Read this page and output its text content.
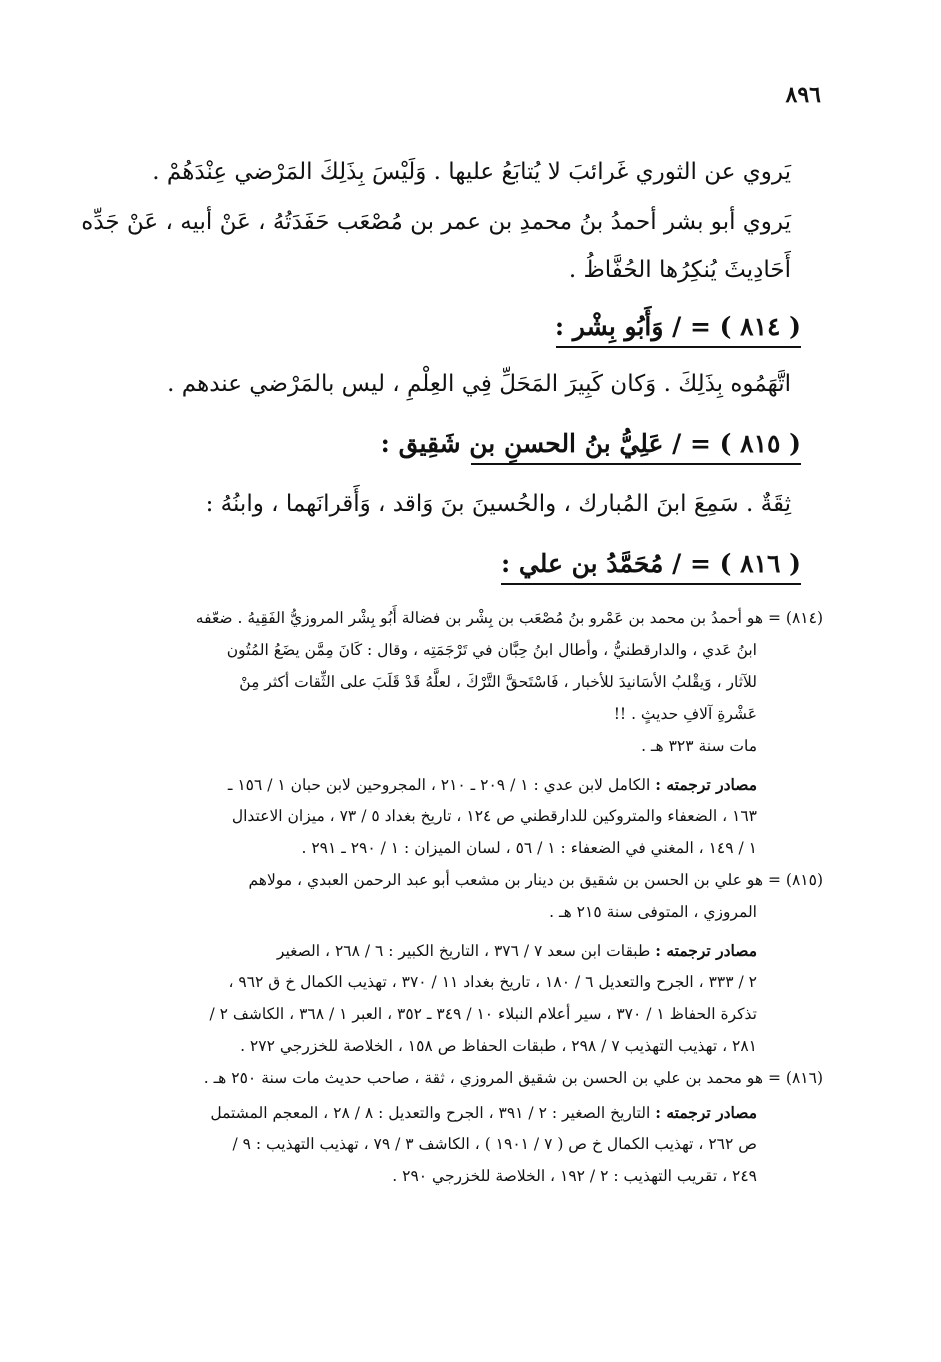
٨٩٦
يَروي عن الثوري غَرائبَ لا يُتابَعُ عليها . وَلَيْسَ بِذَلِكَ المَرْضي عِنْدَهُمْ .
يَروي أبو بشر أحمدُ بنُ محمدِ بن عمر بن مُصْعَب حَفَدَتُهُ ، عَنْ أبيه ، عَنْ جَدِّه
أَحَادِيثَ يُنكِرُها الحُفَّاظُ .
( ٨١٤ ) = / وَأَبُو بِشْر :
اتَّهَمُوه بِذَلِكَ . وَكان كَبِيرَ المَحَلِّ فِي العِلْمِ ، ليس بالمَرْضي عندهم .
( ٨١٥ ) = / عَلِيُّ بنُ الحسنِ بن شَقِيق :
ثِقَةٌ . سَمِعَ ابنَ المُبارك ، والحُسينَ بنَ وَاقد ، وَأَقرانَهما ، وابنُهُ :
( ٨١٦ ) = / مُحَمَّدُ بن علي :
(٨١٤) = هو أحمدُ بن محمد بن عَمْرو بنُ مُصْعَب بن بِشْر بن فضالة أَبُو بِشْر المروزيُّ الفَقِيهُ . ضعّفه
ابنُ عَدي ، والدارقطنيُّ ، وأطال ابنُ حِبَّان في تَرْجَمَتِه ، وقال : كَانَ مِمَّن يضَعُ المُتُون
للآثار ، وَيقْلبُ الأسَانيدَ للأخبار ، فَاسْتَحقَّ التَّرْكَ ، لعلَّهُ قَدْ قَلَبَ على الثِّقات أكثر مِنْ
عَشْرةِ آلافِ حديثٍ . !!
مات سنة ٣٢٣ هـ .
مصادر ترجمته : الكامل لابن عدي : ١ / ٢٠٩ ـ ٢١٠ ، المجروحين لابن حبان ١ / ١٥٦ ـ
١٦٣ ، الضعفاء والمتروكين للدارقطني ص ١٢٤ ، تاريخ بغداد ٥ / ٧٣ ، ميزان الاعتدال
١ / ١٤٩ ، المغني في الضعفاء : ١ / ٥٦ ، لسان الميزان : ١ / ٢٩٠ ـ ٢٩١ .
(٨١٥) = هو علي بن الحسن بن شقيق بن دينار بن مشعب أبو عبد الرحمن العبدي ، مولاهم
المروزي ، المتوفى سنة ٢١٥ هـ .
مصادر ترجمته : طبقات ابن سعد ٧ / ٣٧٦ ، التاريخ الكبير : ٦ / ٢٦٨ ، الصغير
٢ / ٣٣٣ ، الجرح والتعديل ٦ / ١٨٠ ، تاريخ بغداد ١١ / ٣٧٠ ، تهذيب الكمال خ ق ٩٦٢ ،
تذكرة الحفاظ ١ / ٣٧٠ ، سير أعلام النبلاء ١٠ / ٣٤٩ ـ ٣٥٢ ، العبر ١ / ٣٦٨ ، الكاشف ٢ /
٢٨١ ، تهذيب التهذيب ٧ / ٢٩٨ ، طبقات الحفاظ ص ١٥٨ ، الخلاصة للخزرجي ٢٧٢ .
(٨١٦) = هو محمد بن علي بن الحسن بن شقيق المروزي ، ثقة ، صاحب حديث مات سنة ٢٥٠ هـ .
مصادر ترجمته : التاريخ الصغير : ٢ / ٣٩١ ، الجرح والتعديل : ٨ / ٢٨ ، المعجم المشتمل
ص ٢٦٢ ، تهذيب الكمال خ ص ( ٧ / ١٩٠١ ) ، الكاشف ٣ / ٧٩ ، تهذيب التهذيب : ٩ /
٢٤٩ ، تقريب التهذيب : ٢ / ١٩٢ ، الخلاصة للخزرجي ٢٩٠ .
